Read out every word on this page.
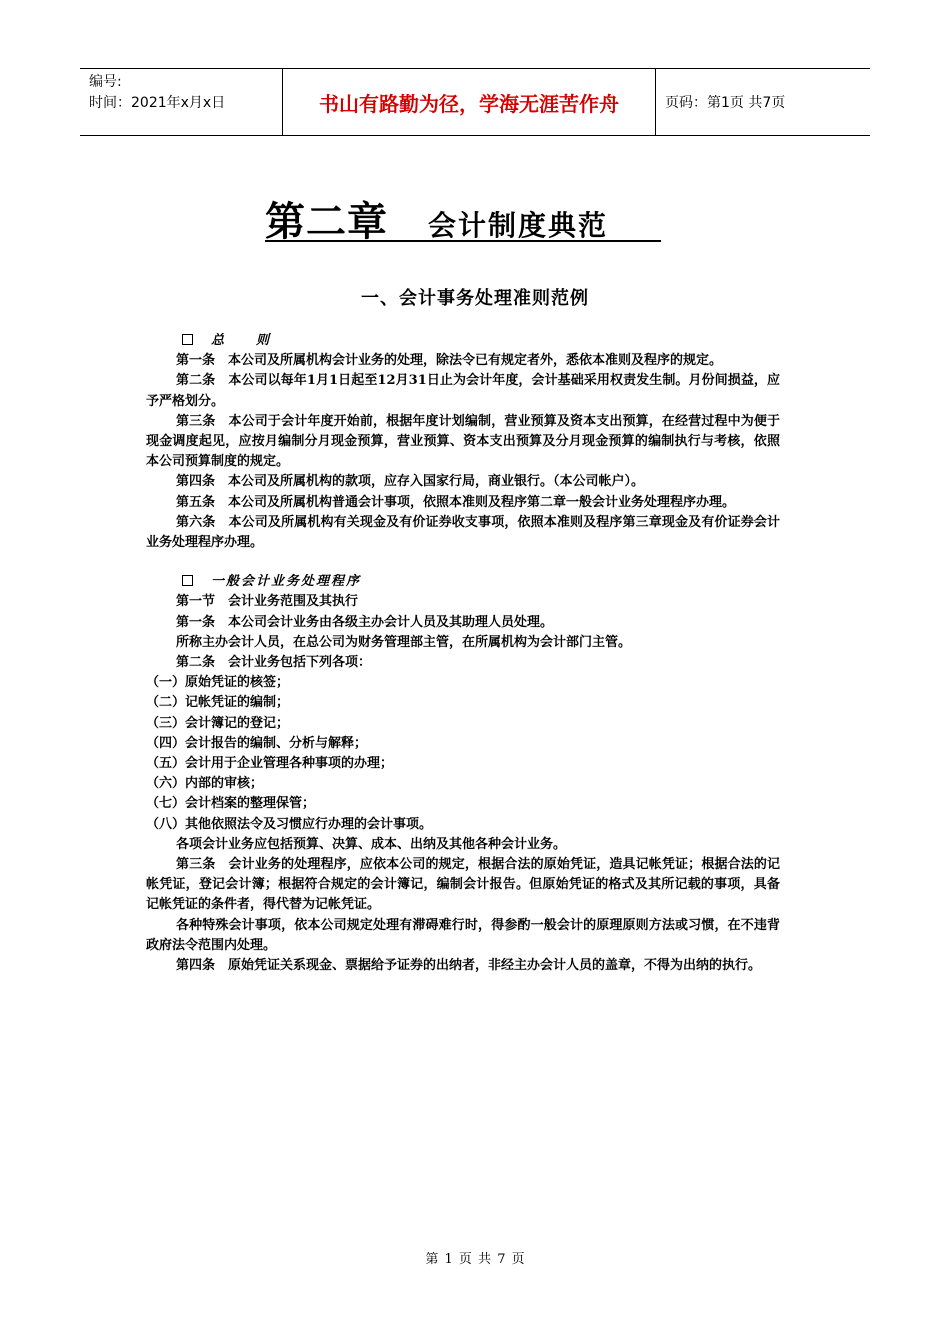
编号:
时间：2021年x月x日	书山有路勤为径，学海无涯苦作舟	页码：第1页 共7页
第二章 会计制度典范
一、会计事务处理准则范例

总　　则

第一条　本公司及所属机构会计业务的处理，除法令已有规定者外，悉依本准则及程序的规定。

第二条　本公司以每年1月1日起至12月31日止为会计年度，会计基础采用权责发生制。月份间损益，应予严格划分。

第三条　本公司于会计年度开始前，根据年度计划编制，营业预算及资本支出预算，在经营过程中为便于现金调度起见，应按月编制分月现金预算，营业预算、资本支出预算及分月现金预算的编制执行与考核，依照本公司预算制度的规定。

第四条　本公司及所属机构的款项，应存入国家行局，商业银行。（本公司帐户）。

第五条　本公司及所属机构普通会计事项，依照本准则及程序第二章一般会计业务处理程序办理。

第六条　本公司及所属机构有关现金及有价证券收支事项，依照本准则及程序第三章现金及有价证券会计业务处理程序办理。

一般会计业务处理程序

第一节　会计业务范围及其执行

第一条　本公司会计业务由各级主办会计人员及其助理人员处理。

所称主办会计人员，在总公司为财务管理部主管，在所属机构为会计部门主管。

第二条　会计业务包括下列各项：

（一）原始凭证的核签；

（二）记帐凭证的编制；

（三）会计簿记的登记；

（四）会计报告的编制、分析与解释；

（五）会计用于企业管理各种事项的办理；

（六）内部的审核；

（七）会计档案的整理保管；

（八）其他依照法令及习惯应行办理的会计事项。

各项会计业务应包括预算、决算、成本、出纳及其他各种会计业务。

第三条　会计业务的处理程序，应依本公司的规定，根据合法的原始凭证，造具记帐凭证；根据合法的记帐凭证，登记会计簿；根据符合规定的会计簿记，编制会计报告。但原始凭证的格式及其所记载的事项，具备记帐凭证的条件者，得代替为记帐凭证。

各种特殊会计事项，依本公司规定处理有滞碍难行时，得参酌一般会计的原理原则方法或习惯，在不违背政府法令范围内处理。

第四条　原始凭证关系现金、票据给予证券的出纳者，非经主办会计人员的盖章，不得为出纳的执行。

第 1 页 共 7 页
